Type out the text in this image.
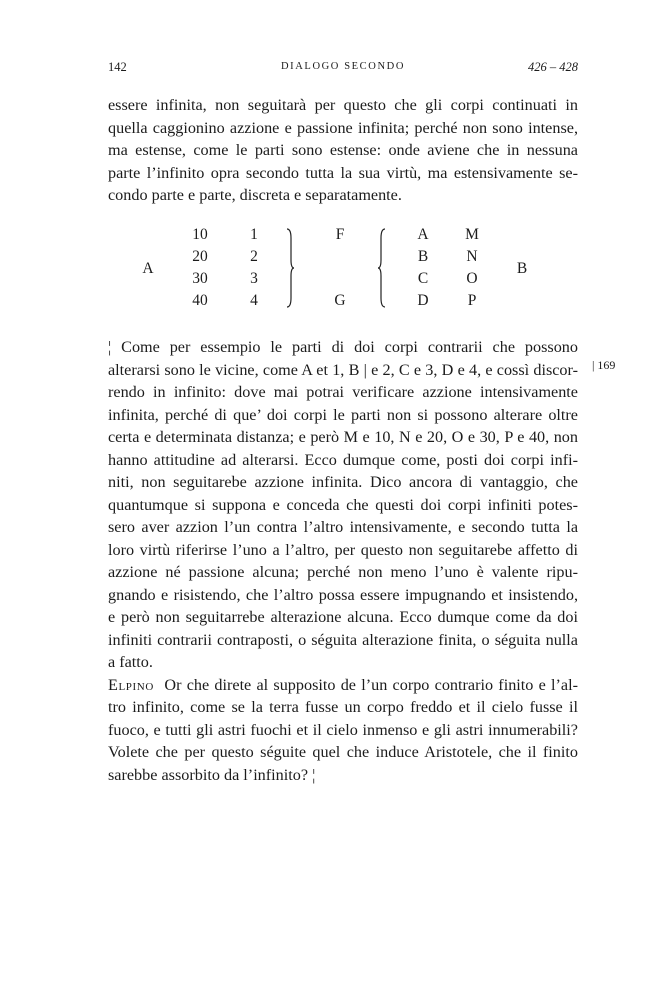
142	DIALOGO SECONDO	426 – 428
essere infinita, non seguitarà per questo che gli corpi continuati in
quella caggionino azzione e passione infinita; perché non sono intense,
ma estense, come le parti sono estense: onde aviene che in nessuna
parte l’infinito opra secondo tutta la sua virtù, ma estensivamente se-
condo parte e parte, discreta e separatamente.
A
10
20
30
40
1
2
3
4
F
G
A
B
C
D
M
N
O
P
B
| 169
¦ Come per essempio le parti di doi corpi contrarii che possono
alterarsi sono le vicine, come A et 1, B | e 2, C e 3, D e 4, e cossì discor-
rendo in infinito: dove mai potrai verificare azzione intensivamente
infinita, perché di que’ doi corpi le parti non si possono alterare oltre
certa e determinata distanza; e però M e 10, N e 20, O e 30, P e 40, non
hanno attitudine ad alterarsi. Ecco dumque come, posti doi corpi infi-
niti, non seguitarebe azzione infinita. Dico ancora di vantaggio, che
quantumque si suppona e conceda che questi doi corpi infiniti potes-
sero aver azzion l’un contra l’altro intensivamente, e secondo tutta la
loro virtù riferirse l’uno a l’altro, per questo non seguitarebe affetto di
azzione né passione alcuna; perché non meno l’uno è valente ripu-
gnando e risistendo, che l’altro possa essere impugnando et insistendo,
e però non seguitarrebe alterazione alcuna. Ecco dumque come da doi
infiniti contrarii contraposti, o séguita alterazione finita, o séguita nulla
a fatto.
Elpino Or che direte al supposito de l’un corpo contrario finito e l’al-
tro infinito, come se la terra fusse un corpo freddo et il cielo fusse il
fuoco, e tutti gli astri fuochi et il cielo inmenso e gli astri innumerabili?
Volete che per questo séguite quel che induce Aristotele, che il finito
sarebbe assorbito da l’infinito? ¦
